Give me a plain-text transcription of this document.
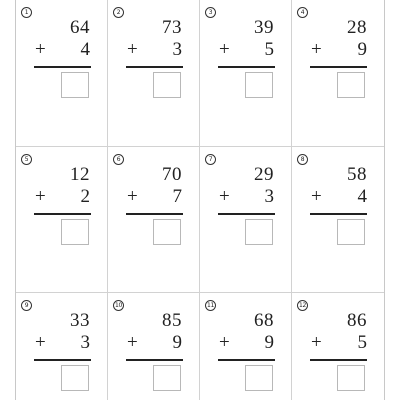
1
64
+ 4
2
73
+ 3
3
39
+ 5
4
28
+ 9
5
12
+ 2
6
70
+ 7
7
29
+ 3
8
58
+ 4
9
33
+ 3
10
85
+ 9
11
68
+ 9
12
86
+ 5
